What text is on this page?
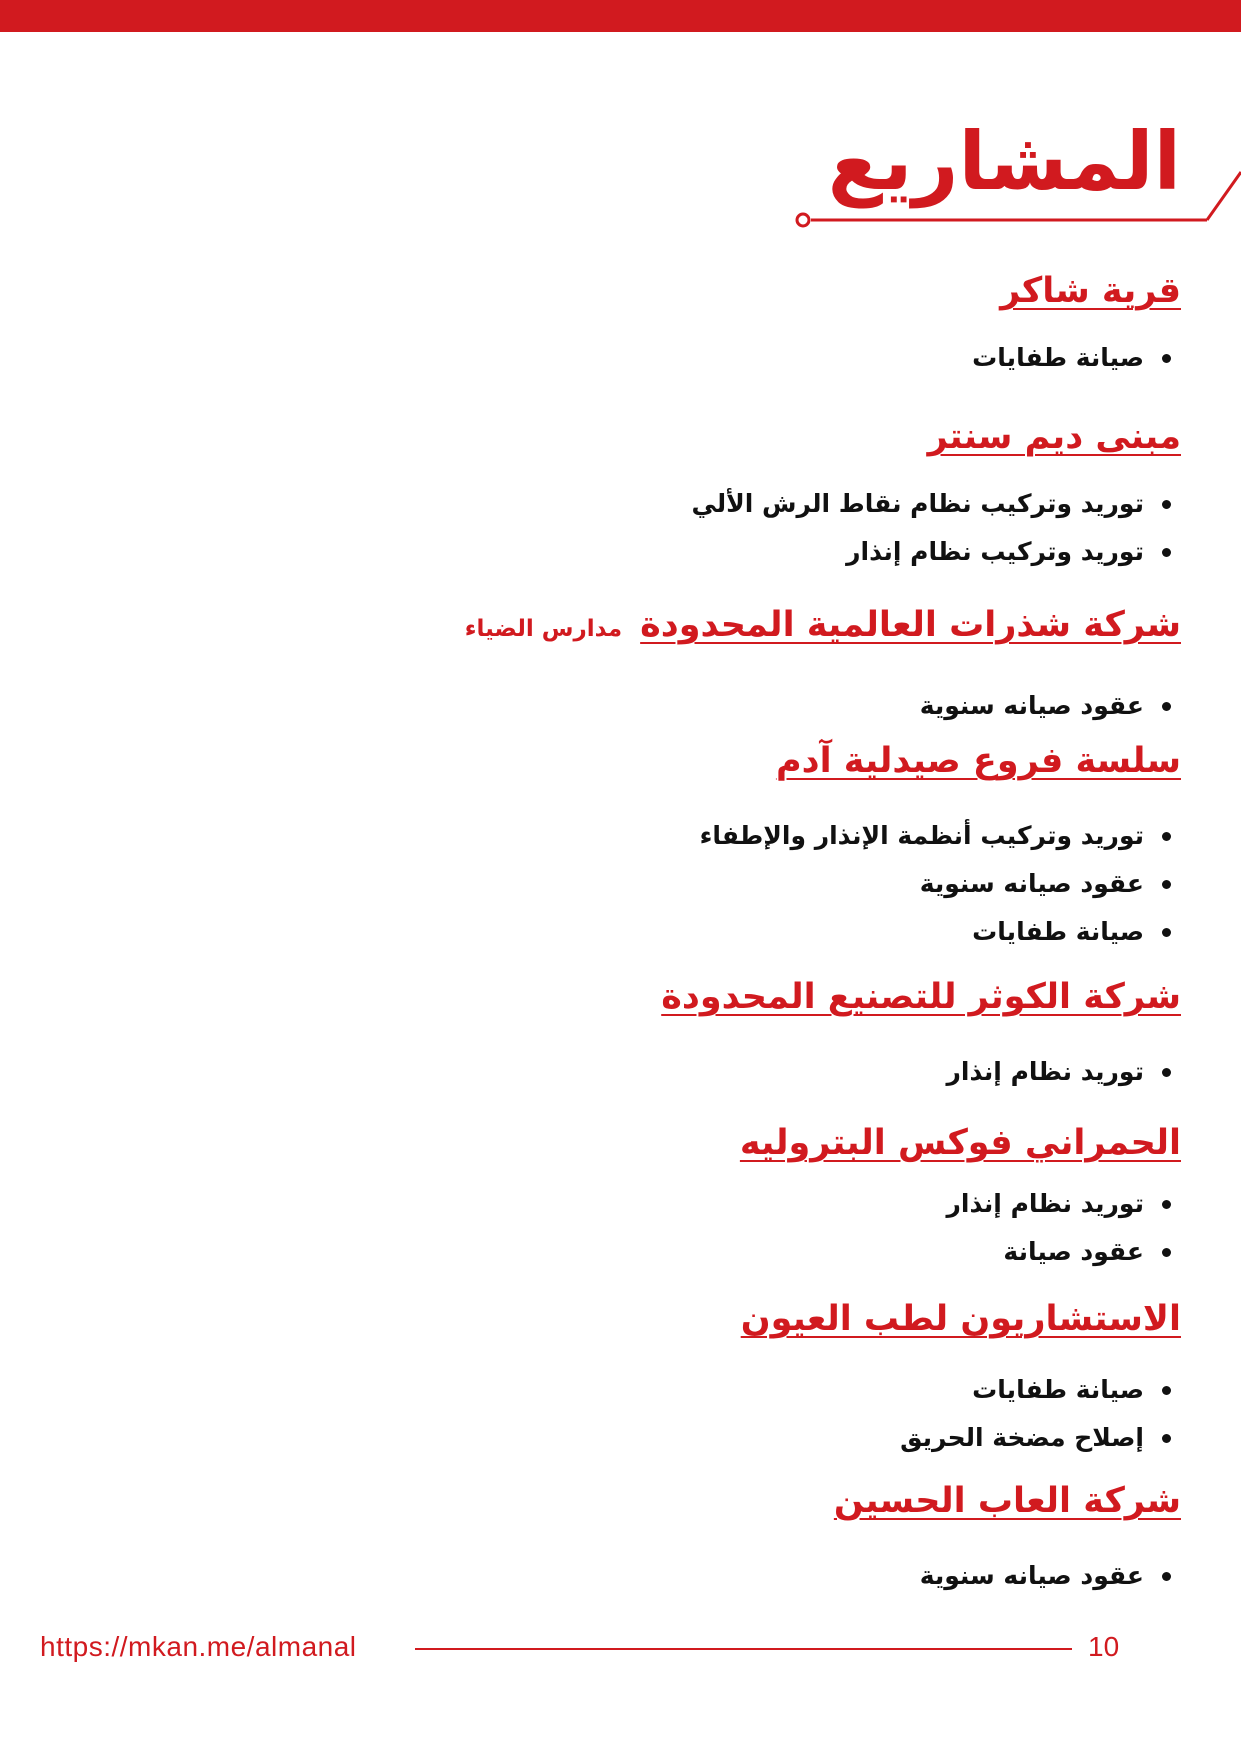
المشاريع
قرية شاكر
صيانة طفايات
مبنى ديم سنتر
توريد وتركيب نظام نقاط الرش الألي
توريد وتركيب نظام إنذار
شركة شذرات العالمية المحدودة
مدارس الضياء
عقود صيانه سنوية
سلسة فروع صيدلية آدم
توريد وتركيب أنظمة الإنذار والإطفاء
عقود صيانه سنوية
صيانة طفايات
شركة الكوثر للتصنيع المحدودة
توريد نظام إنذار
الحمراني فوكس البتروليه
توريد نظام إنذار
عقود صيانة
الاستشاريون لطب العيون
صيانة طفايات
إصلاح مضخة الحريق
شركة العاب الحسين
عقود صيانه سنوية
https://mkan.me/almanal	10
